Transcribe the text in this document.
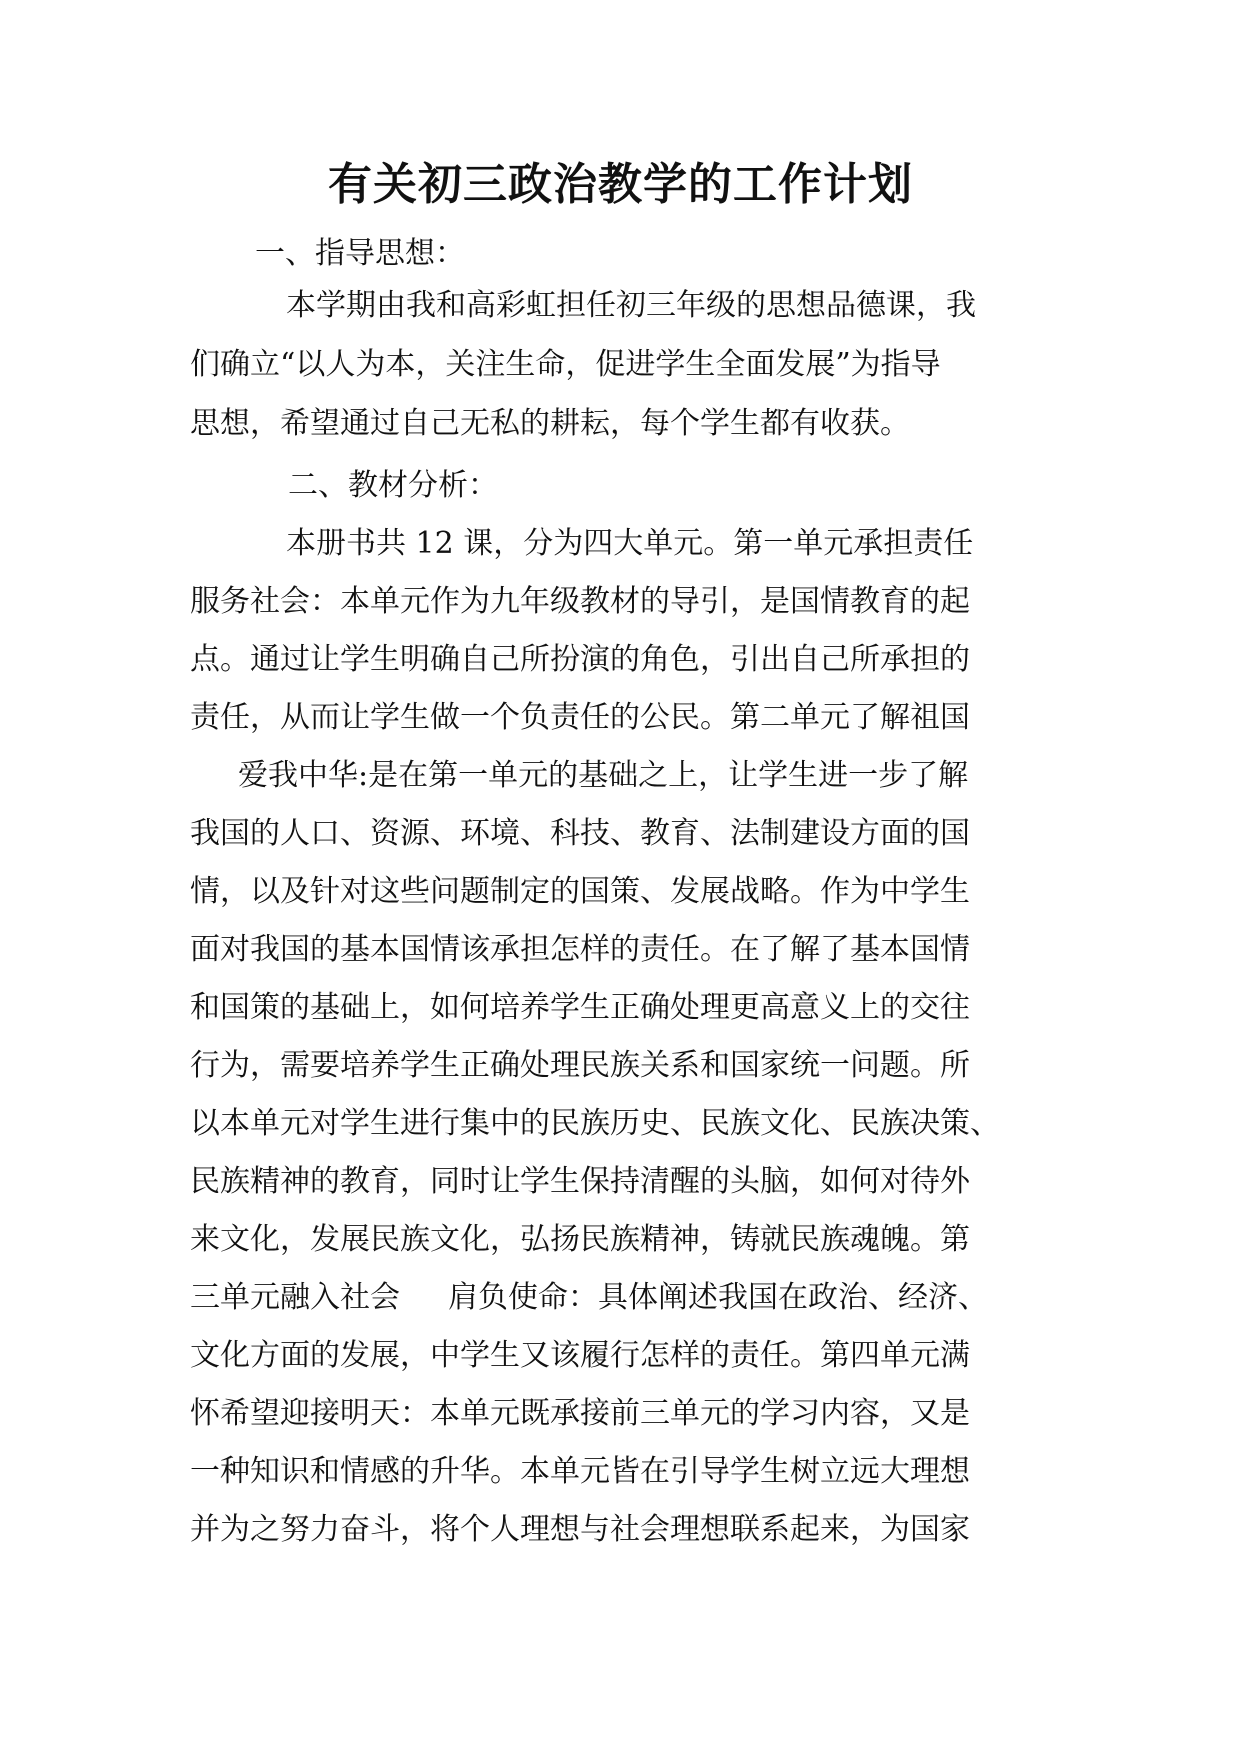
有关初三政治教学的工作计划

一、指导思想：

本学期由我和高彩虹担任初三年级的思想品德课，我

们确立“以人为本，关注生命，促进学生全面发展”为指导

思想，希望通过自己无私的耕耘，每个学生都有收获。

二、教材分析：

本册书共 12 课，分为四大单元。第一单元承担责任

服务社会：本单元作为九年级教材的导引，是国情教育的起

点。通过让学生明确自己所扮演的角色，引出自己所承担的

责任，从而让学生做一个负责任的公民。第二单元了解祖国

爱我中华:是在第一单元的基础之上，让学生进一步了解

我国的人口、资源、环境、科技、教育、法制建设方面的国

情，以及针对这些问题制定的国策、发展战略。作为中学生

面对我国的基本国情该承担怎样的责任。在了解了基本国情

和国策的基础上，如何培养学生正确处理更高意义上的交往

行为，需要培养学生正确处理民族关系和国家统一问题。所

以本单元对学生进行集中的民族历史、民族文化、民族决策、

民族精神的教育，同时让学生保持清醒的头脑，如何对待外

来文化，发展民族文化，弘扬民族精神，铸就民族魂魄。第

三单元融入社会 肩负使命：具体阐述我国在政治、经济、

文化方面的发展，中学生又该履行怎样的责任。第四单元满

怀希望迎接明天：本单元既承接前三单元的学习内容，又是

一种知识和情感的升华。本单元皆在引导学生树立远大理想

并为之努力奋斗，将个人理想与社会理想联系起来，为国家
